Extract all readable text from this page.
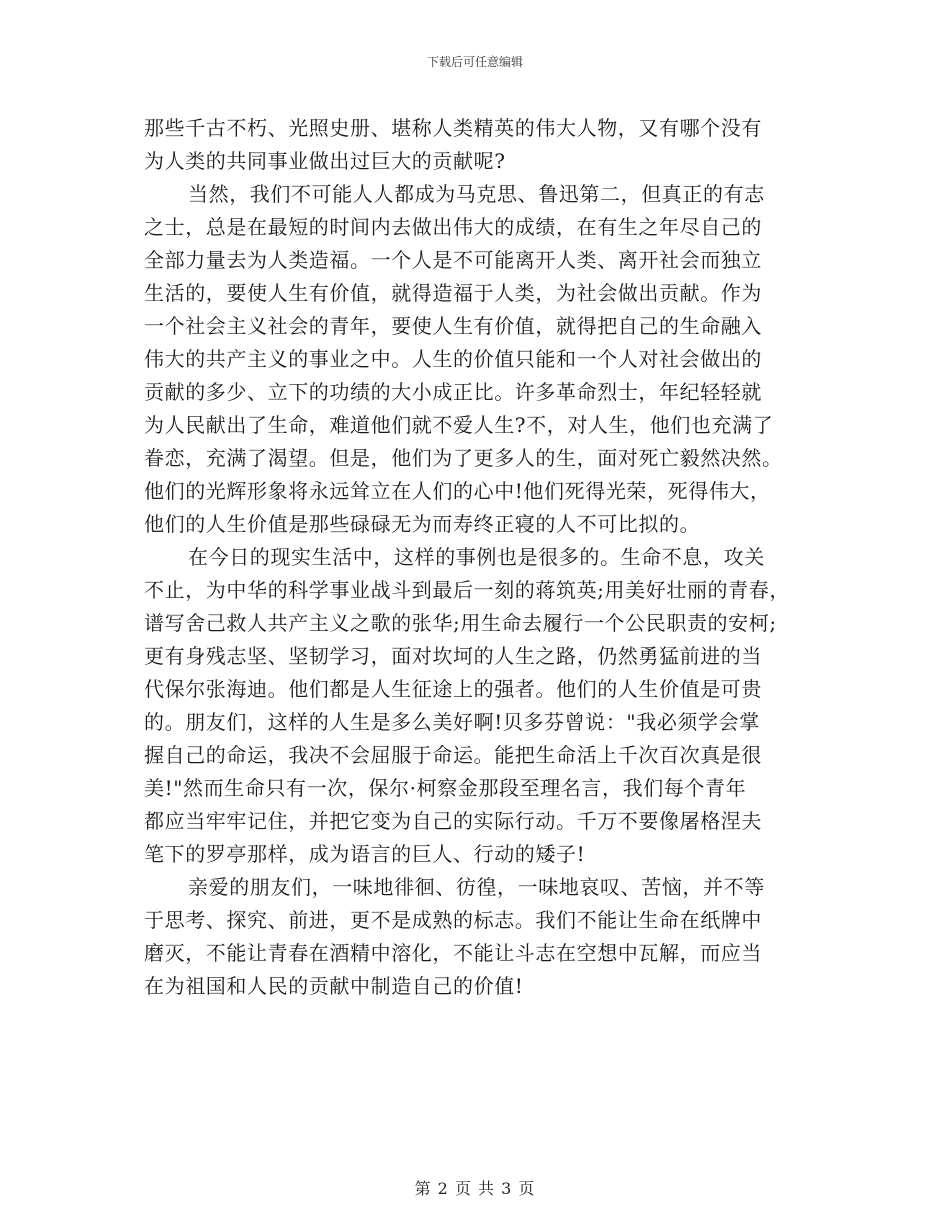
下载后可任意编辑
那些千古不朽、光照史册、堪称人类精英的伟大人物，又有哪个没有
为人类的共同事业做出过巨大的贡献呢?
当然，我们不可能人人都成为马克思、鲁迅第二，但真正的有志
之士，总是在最短的时间内去做出伟大的成绩，在有生之年尽自己的
全部力量去为人类造福。一个人是不可能离开人类、离开社会而独立
生活的，要使人生有价值，就得造福于人类，为社会做出贡献。作为
一个社会主义社会的青年，要使人生有价值，就得把自己的生命融入
伟大的共产主义的事业之中。人生的价值只能和一个人对社会做出的
贡献的多少、立下的功绩的大小成正比。许多革命烈士，年纪轻轻就
为人民献出了生命，难道他们就不爱人生?不，对人生，他们也充满了
眷恋，充满了渴望。但是，他们为了更多人的生，面对死亡毅然决然。
他们的光辉形象将永远耸立在人们的心中!他们死得光荣，死得伟大，
他们的人生价值是那些碌碌无为而寿终正寝的人不可比拟的。
在今日的现实生活中，这样的事例也是很多的。生命不息，攻关
不止，为中华的科学事业战斗到最后一刻的蒋筑英;用美好壮丽的青春，
谱写舍己救人共产主义之歌的张华;用生命去履行一个公民职责的安柯;
更有身残志坚、坚韧学习，面对坎坷的人生之路，仍然勇猛前进的当
代保尔张海迪。他们都是人生征途上的强者。他们的人生价值是可贵
的。朋友们，这样的人生是多么美好啊!贝多芬曾说："我必须学会掌
握自己的命运，我决不会屈服于命运。能把生命活上千次百次真是很
美!"然而生命只有一次，保尔·柯察金那段至理名言，我们每个青年
都应当牢牢记住，并把它变为自己的实际行动。千万不要像屠格涅夫
笔下的罗亭那样，成为语言的巨人、行动的矮子!
亲爱的朋友们，一味地徘徊、彷徨，一味地哀叹、苦恼，并不等
于思考、探究、前进，更不是成熟的标志。我们不能让生命在纸牌中
磨灭，不能让青春在酒精中溶化，不能让斗志在空想中瓦解，而应当
在为祖国和人民的贡献中制造自己的价值!
第 2 页 共 3 页
